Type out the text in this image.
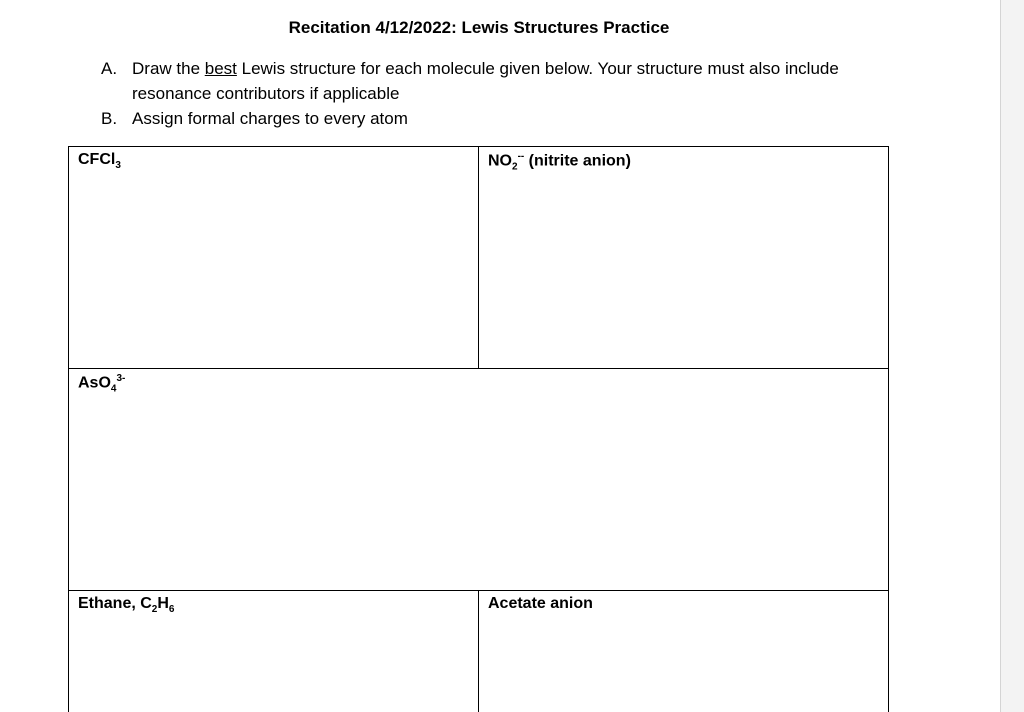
Recitation 4/12/2022: Lewis Structures Practice
A. Draw the best Lewis structure for each molecule given below. Your structure must also include resonance contributors if applicable
B. Assign formal charges to every atom
CFCl$_3$	$NO_2^{--}$ (nitrite anion)
AsO$_4^{3-}$
Ethane, $C_2H_6$	Acetate anion
